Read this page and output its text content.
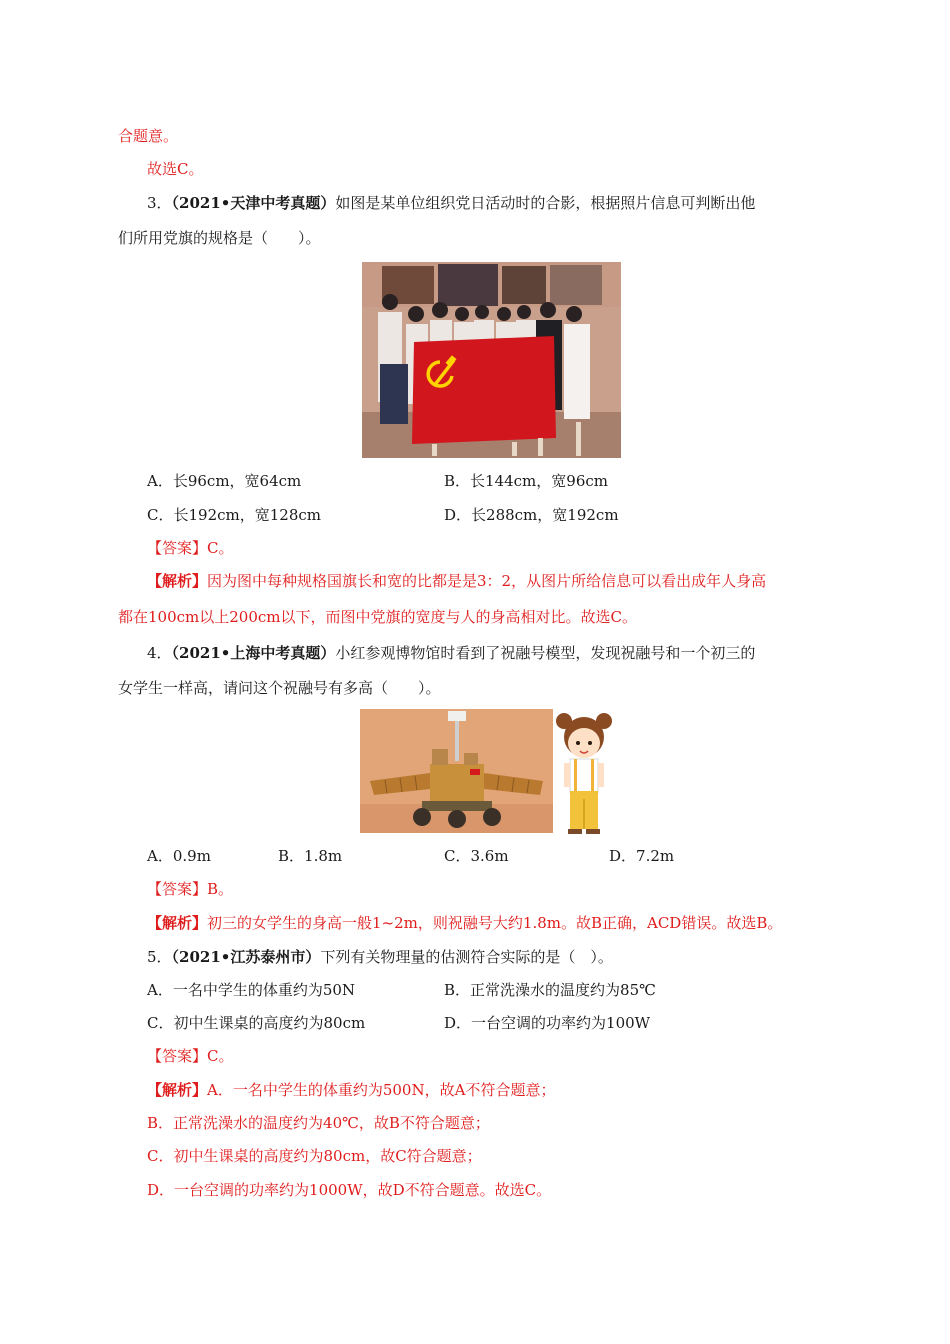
合题意。
故选C。
3．（2021•天津中考真题）如图是某单位组织党日活动时的合影，根据照片信息可判断出他
们所用党旗的规格是（　　）。
A．长96cm，宽64cm	B．长144cm，宽96cm
C．长192cm，宽128cm	D．长288cm，宽192cm
【答案】C。
【解析】因为图中每种规格国旗长和宽的比都是是3：2，从图片所给信息可以看出成年人身高
都在100cm以上200cm以下，而图中党旗的宽度与人的身高相对比。故选C。
4．（2021•上海中考真题）小红参观博物馆时看到了祝融号模型，发现祝融号和一个初三的
女学生一样高，请问这个祝融号有多高（　　）。
A．0.9m	B．1.8m	C．3.6m	D．7.2m
【答案】B。
【解析】初三的女学生的身高一般1~2m，则祝融号大约1.8m。故B正确，ACD错误。故选B。
5．（2021•江苏泰州市）下列有关物理量的估测符合实际的是（　）。
A．一名中学生的体重约为50N	B．正常洗澡水的温度约为85℃
C．初中生课桌的高度约为80cm	D．一台空调的功率约为100W
【答案】C。
【解析】A．一名中学生的体重约为500N，故A不符合题意；
B．正常洗澡水的温度约为40℃，故B不符合题意；
C．初中生课桌的高度约为80cm，故C符合题意；
D．一台空调的功率约为1000W，故D不符合题意。故选C。
